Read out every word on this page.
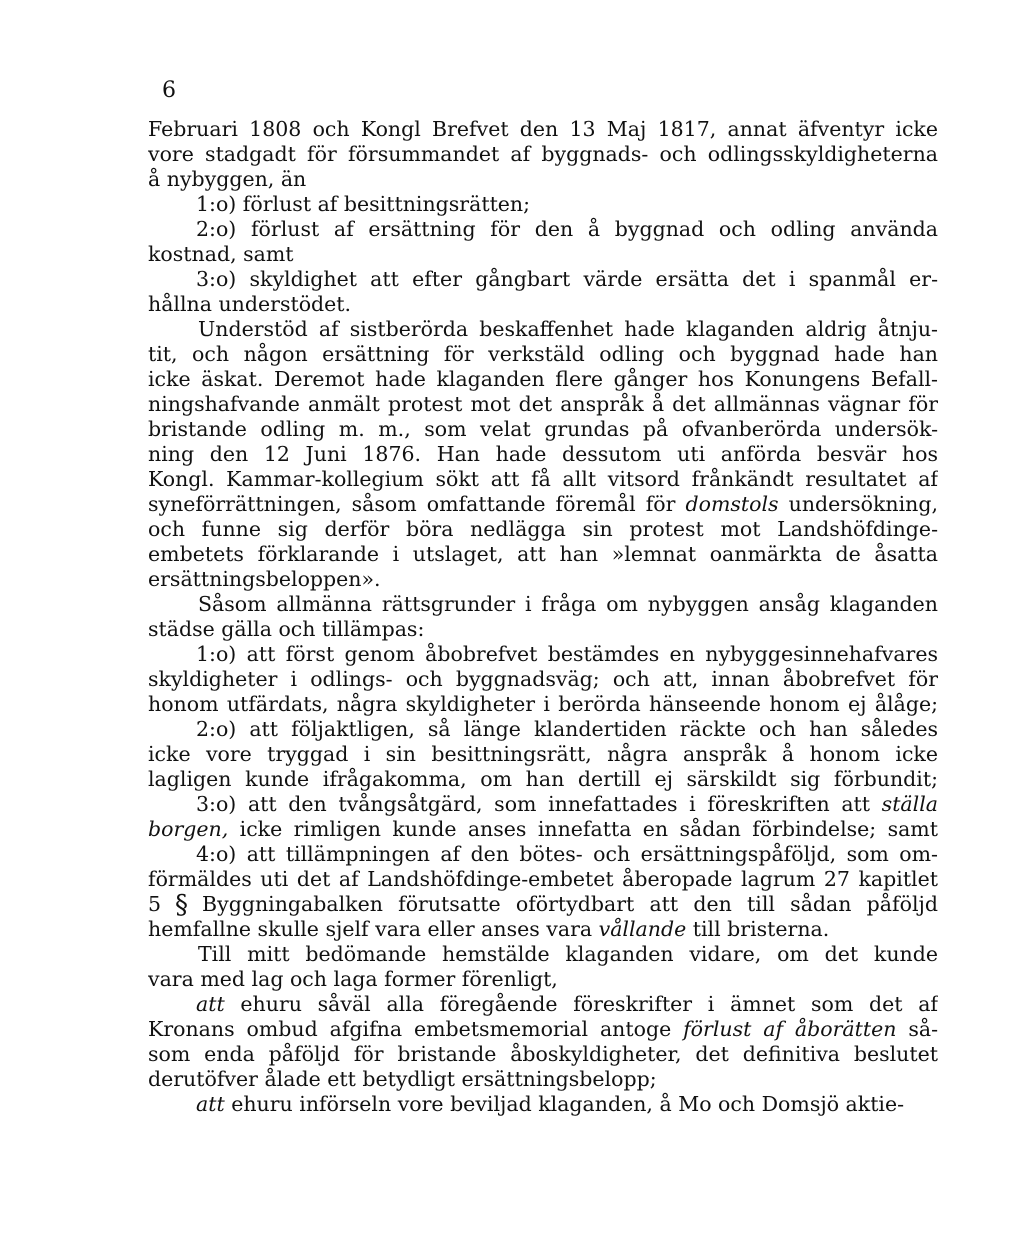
6
Februari 1808 och Kongl Brefvet den 13 Maj 1817, annat äfventyr icke
vore stadgadt för försummandet af byggnads- och odlingsskyldigheterna
å nybyggen, än
1:o) förlust af besittningsrätten;
2:o) förlust af ersättning för den å byggnad och odling använda
kostnad, samt
3:o) skyldighet att efter gångbart värde ersätta det i spanmål er-
hållna understödet.
Understöd af sistberörda beskaffenhet hade klaganden aldrig åtnju-
tit, och någon ersättning för verkstäld odling och byggnad hade han
icke äskat. Deremot hade klaganden flere gånger hos Konungens Befall-
ningshafvande anmält protest mot det anspråk å det allmännas vägnar för
bristande odling m. m., som velat grundas på ofvanberörda undersök-
ning den 12 Juni 1876. Han hade dessutom uti anförda besvär hos
Kongl. Kammar-kollegium sökt att få allt vitsord frånkändt resultatet af
syneförrättningen, såsom omfattande föremål för domstols undersökning,
och funne sig derför böra nedlägga sin protest mot Landshöfdinge-
embetets förklarande i utslaget, att han »lemnat oanmärkta de åsatta
ersättningsbeloppen».
Såsom allmänna rättsgrunder i fråga om nybyggen ansåg klaganden
städse gälla och tillämpas:
1:o) att först genom åbobrefvet bestämdes en nybyggesinnehafvares
skyldigheter i odlings- och byggnadsväg; och att, innan åbobrefvet för
honom utfärdats, några skyldigheter i berörda hänseende honom ej ålåge;
2:o) att följaktligen, så länge klandertiden räckte och han således
icke vore tryggad i sin besittningsrätt, några anspråk å honom icke
lagligen kunde ifrågakomma, om han dertill ej särskildt sig förbundit;
3:o) att den tvångsåtgärd, som innefattades i föreskriften att ställa
borgen, icke rimligen kunde anses innefatta en sådan förbindelse; samt
4:o) att tillämpningen af den bötes- och ersättningspåföljd, som om-
förmäldes uti det af Landshöfdinge-embetet åberopade lagrum 27 kapitlet
5 § Byggningabalken förutsatte oförtydbart att den till sådan påföljd
hemfallne skulle sjelf vara eller anses vara vållande till bristerna.
Till mitt bedömande hemstälde klaganden vidare, om det kunde
vara med lag och laga former förenligt,
att ehuru såväl alla föregående föreskrifter i ämnet som det af
Kronans ombud afgifna embetsmemorial antoge förlust af åborätten så-
som enda påföljd för bristande åboskyldigheter, det definitiva beslutet
derutöfver ålade ett betydligt ersättningsbelopp;
att ehuru införseln vore beviljad klaganden, å Mo och Domsjö aktie-
